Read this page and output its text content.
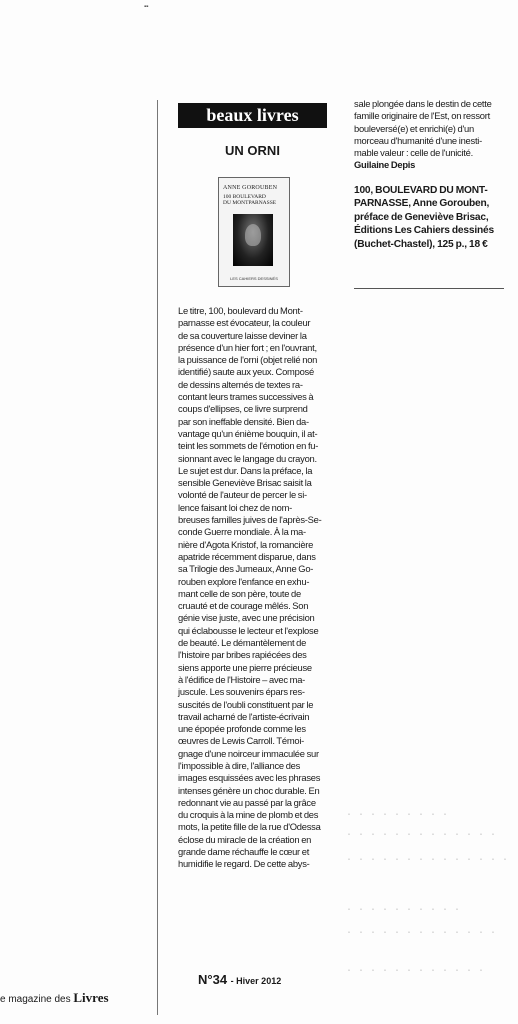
▪▫▪
beaux livres
UN ORNI
ANNE GOROUBEN
100 BOULEVARD
DU MONTPARNASSE
LES CAHIERS DESSINÉS
Le titre, 100, boulevard du Mont-
parnasse est évocateur, la couleur
de sa couverture laisse deviner la
présence d'un hier fort ; en l'ouvrant,
la puissance de l'orni (objet relié non
identifié) saute aux yeux. Composé
de dessins alternés de textes ra-
contant leurs trames successives à
coups d'ellipses, ce livre surprend
par son ineffable densité. Bien da-
vantage qu'un énième bouquin, il at-
teint les sommets de l'émotion en fu-
sionnant avec le langage du crayon.
Le sujet est dur. Dans la préface, la
sensible Geneviève Brisac saisit la
volonté de l'auteur de percer le si-
lence faisant loi chez de nom-
breuses familles juives de l'après-Se-
conde Guerre mondiale. À la ma-
nière d'Agota Kristof, la romancière
apatride récemment disparue, dans
sa Trilogie des Jumeaux, Anne Go-
rouben explore l'enfance en exhu-
mant celle de son père, toute de
cruauté et de courage mêlés. Son
génie vise juste, avec une précision
qui éclabousse le lecteur et l'explose
de beauté. Le démantèlement de
l'histoire par bribes rapiécées des
siens apporte une pierre précieuse
à l'édifice de l'Histoire – avec ma-
juscule. Les souvenirs épars res-
suscités de l'oubli constituent par le
travail acharné de l'artiste-écrivain
une épopée profonde comme les
œuvres de Lewis Carroll. Témoi-
gnage d'une noirceur immaculée sur
l'impossible à dire, l'alliance des
images esquissées avec les phrases
intenses génère un choc durable. En
redonnant vie au passé par la grâce
du croquis à la mine de plomb et des
mots, la petite fille de la rue d'Odessa
éclose du miracle de la création en
grande dame réchauffe le cœur et
humidifie le regard. De cette abys-
sale plongée dans le destin de cette
famille originaire de l'Est, on ressort
bouleversé(e) et enrichi(e) d'un
morceau d'humanité d'une inesti-
mable valeur : celle de l'unicité.
Guilaine Depis
100, BOULEVARD DU MONT-
PARNASSE, Anne Gorouben,
préface de Geneviève Brisac,
Éditions Les Cahiers dessinés
(Buchet-Chastel), 125 p., 18 €
N°34 - Hiver 2012
e magazine des Livres
· · · · · · · · ·
· · · · · · · · · · · · ·
· · · · · · · · · · · · · ·
· · · · · · · · · ·
· · · · · · · · · · · · ·
· · · · · · · · · · · ·
